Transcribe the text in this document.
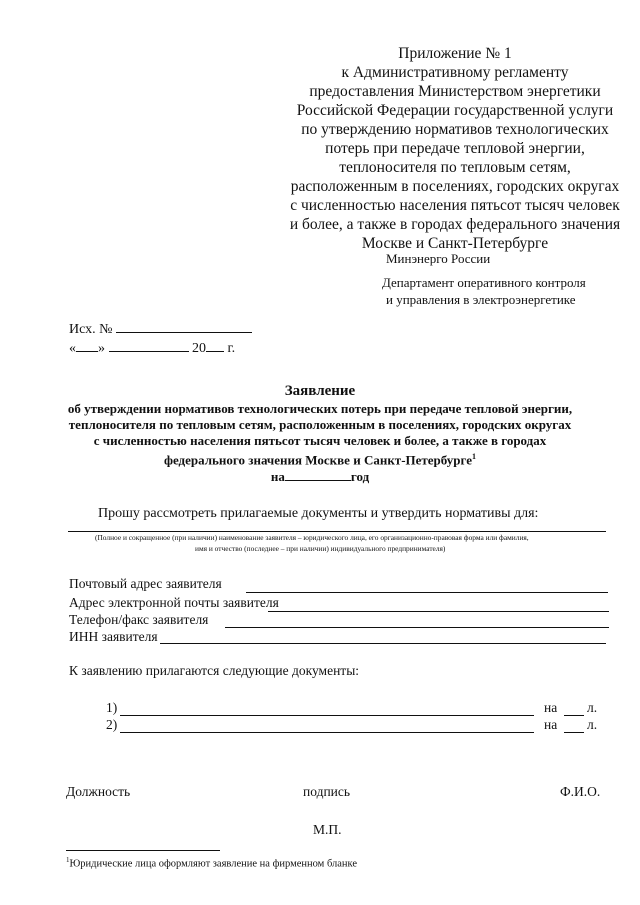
Приложение № 1
к Административному регламенту
предоставления Министерством энергетики
Российской Федерации государственной услуги
по утверждению нормативов технологических
потерь при передаче тепловой энергии,
теплоносителя по тепловым сетям,
расположенным в поселениях, городских округах
с численностью населения пятьсот тысяч человек
и более, а также в городах федерального значения
Москве и Санкт-Петербурге
Минэнерго России
Департамент оперативного контроля
и управления в электроэнергетике
Исх. №
« »	20 г.
Заявление
об утверждении нормативов технологических потерь при передаче тепловой энергии,
теплоносителя по тепловым сетям, расположенным в поселениях, городских округах
с численностью населения пятьсот тысяч человек и более, а также в городах
федерального значения Москве и Санкт-Петербурге$^1$
на	год
Прошу рассмотреть прилагаемые документы и утвердить нормативы для:
(Полное и сокращенное (при наличии) наименование заявителя – юридического лица, его организационно-правовая форма или фамилия,
имя и отчество (последнее – при наличии) индивидуального предпринимателя)
Почтовый адрес заявителя
Адрес электронной почты заявителя
Телефон/факс заявителя
ИНН заявителя
К заявлению прилагаются следующие документы:
1)	на л.
2)	на л.
Должность	подпись	Ф.И.О.
М.П.
$^1$Юридические лица оформляют заявление на фирменном бланке
